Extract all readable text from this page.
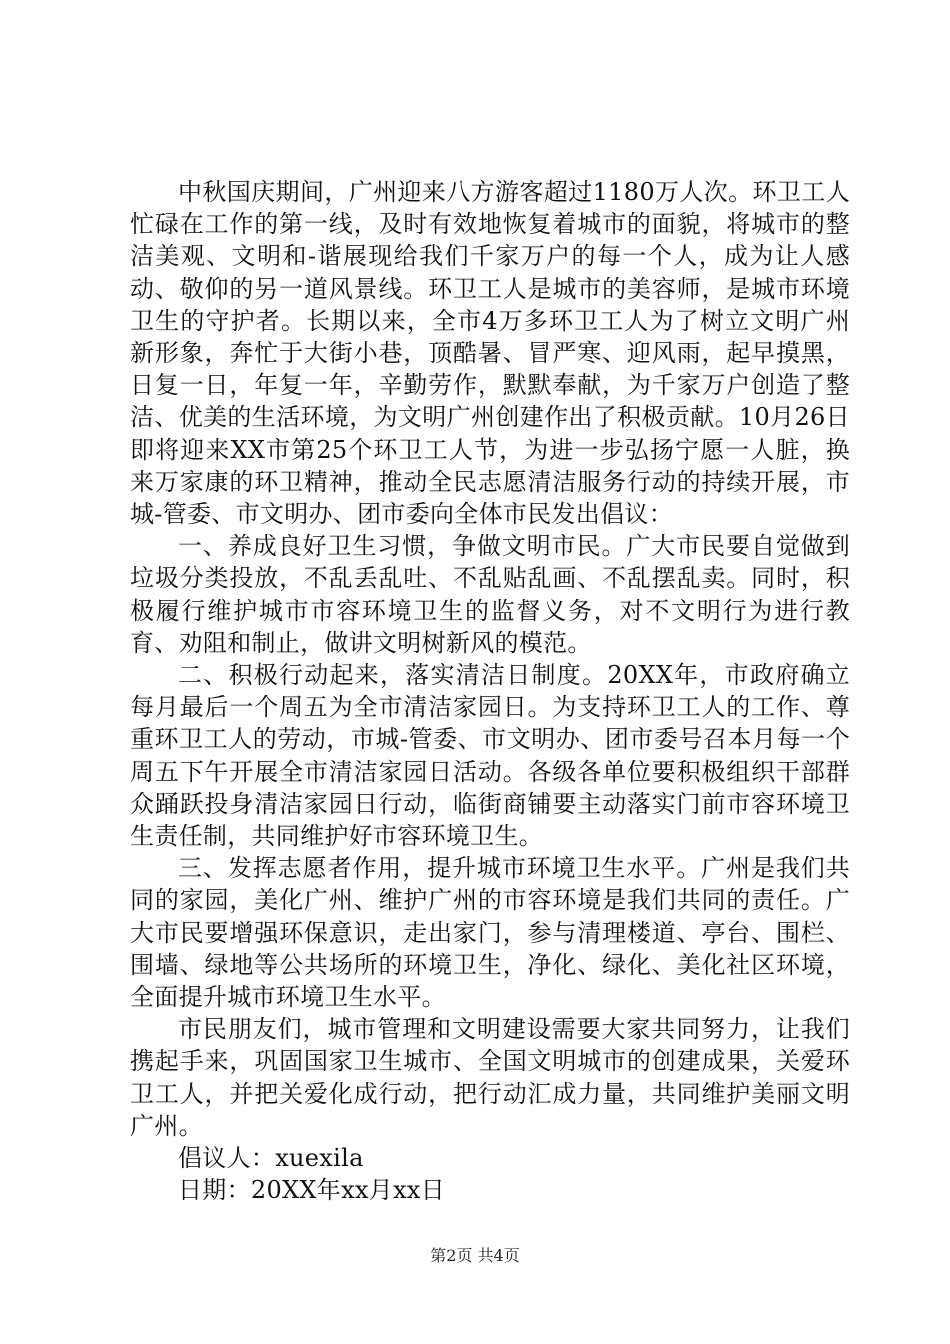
中秋国庆期间，广州迎来八方游客超过1180万人次。环卫工人忙碌在工作的第一线，及时有效地恢复着城市的面貌，将城市的整洁美观、文明和-谐展现给我们千家万户的每一个人，成为让人感动、敬仰的另一道风景线。环卫工人是城市的美容师，是城市环境卫生的守护者。长期以来，全市4万多环卫工人为了树立文明广州新形象，奔忙于大街小巷，顶酷暑、冒严寒、迎风雨，起早摸黑，日复一日，年复一年，辛勤劳作，默默奉献，为千家万户创造了整洁、优美的生活环境，为文明广州创建作出了积极贡献。10月26日即将迎来XX市第25个环卫工人节，为进一步弘扬宁愿一人脏，换来万家康的环卫精神，推动全民志愿清洁服务行动的持续开展，市城-管委、市文明办、团市委向全体市民发出倡议：

一、养成良好卫生习惯，争做文明市民。广大市民要自觉做到垃圾分类投放，不乱丢乱吐、不乱贴乱画、不乱摆乱卖。同时，积极履行维护城市市容环境卫生的监督义务，对不文明行为进行教育、劝阻和制止，做讲文明树新风的模范。

二、积极行动起来，落实清洁日制度。20XX年，市政府确立每月最后一个周五为全市清洁家园日。为支持环卫工人的工作、尊重环卫工人的劳动，市城-管委、市文明办、团市委号召本月每一个周五下午开展全市清洁家园日活动。各级各单位要积极组织干部群众踊跃投身清洁家园日行动，临街商铺要主动落实门前市容环境卫生责任制，共同维护好市容环境卫生。

三、发挥志愿者作用，提升城市环境卫生水平。广州是我们共同的家园，美化广州、维护广州的市容环境是我们共同的责任。广大市民要增强环保意识，走出家门，参与清理楼道、亭台、围栏、围墙、绿地等公共场所的环境卫生，净化、绿化、美化社区环境，全面提升城市环境卫生水平。

市民朋友们，城市管理和文明建设需要大家共同努力，让我们携起手来，巩固国家卫生城市、全国文明城市的创建成果，关爱环卫工人，并把关爱化成行动，把行动汇成力量，共同维护美丽文明广州。

倡议人：xuexila

日期：20XX年xx月xx日

第2页 共4页
